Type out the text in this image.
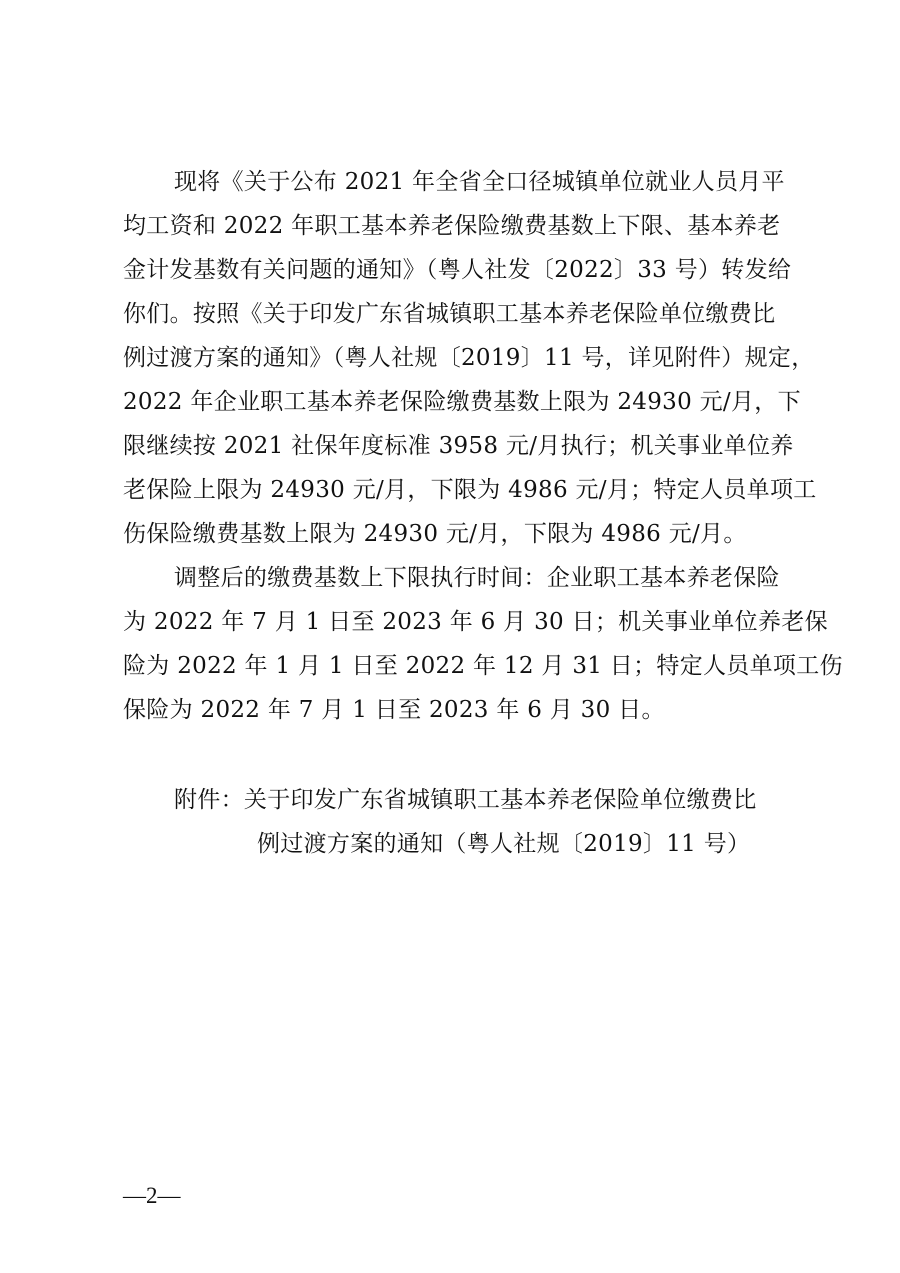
现将《关于公布 2021 年全省全口径城镇单位就业人员月平
均工资和 2022 年职工基本养老保险缴费基数上下限、基本养老
金计发基数有关问题的通知》（粤人社发〔2022〕33 号）转发给
你们。按照《关于印发广东省城镇职工基本养老保险单位缴费比
例过渡方案的通知》（粤人社规〔2019〕11 号，详见附件）规定，
2022 年企业职工基本养老保险缴费基数上限为 24930 元/月，下
限继续按 2021 社保年度标准 3958 元/月执行；机关事业单位养
老保险上限为 24930 元/月，下限为 4986 元/月；特定人员单项工
伤保险缴费基数上限为 24930 元/月，下限为 4986 元/月。
调整后的缴费基数上下限执行时间：企业职工基本养老保险
为 2022 年 7 月 1 日至 2023 年 6 月 30 日；机关事业单位养老保
险为 2022 年 1 月 1 日至 2022 年 12 月 31 日；特定人员单项工伤
保险为 2022 年 7 月 1 日至 2023 年 6 月 30 日。
附件：关于印发广东省城镇职工基本养老保险单位缴费比
例过渡方案的通知（粤人社规〔2019〕11 号）
—2—
